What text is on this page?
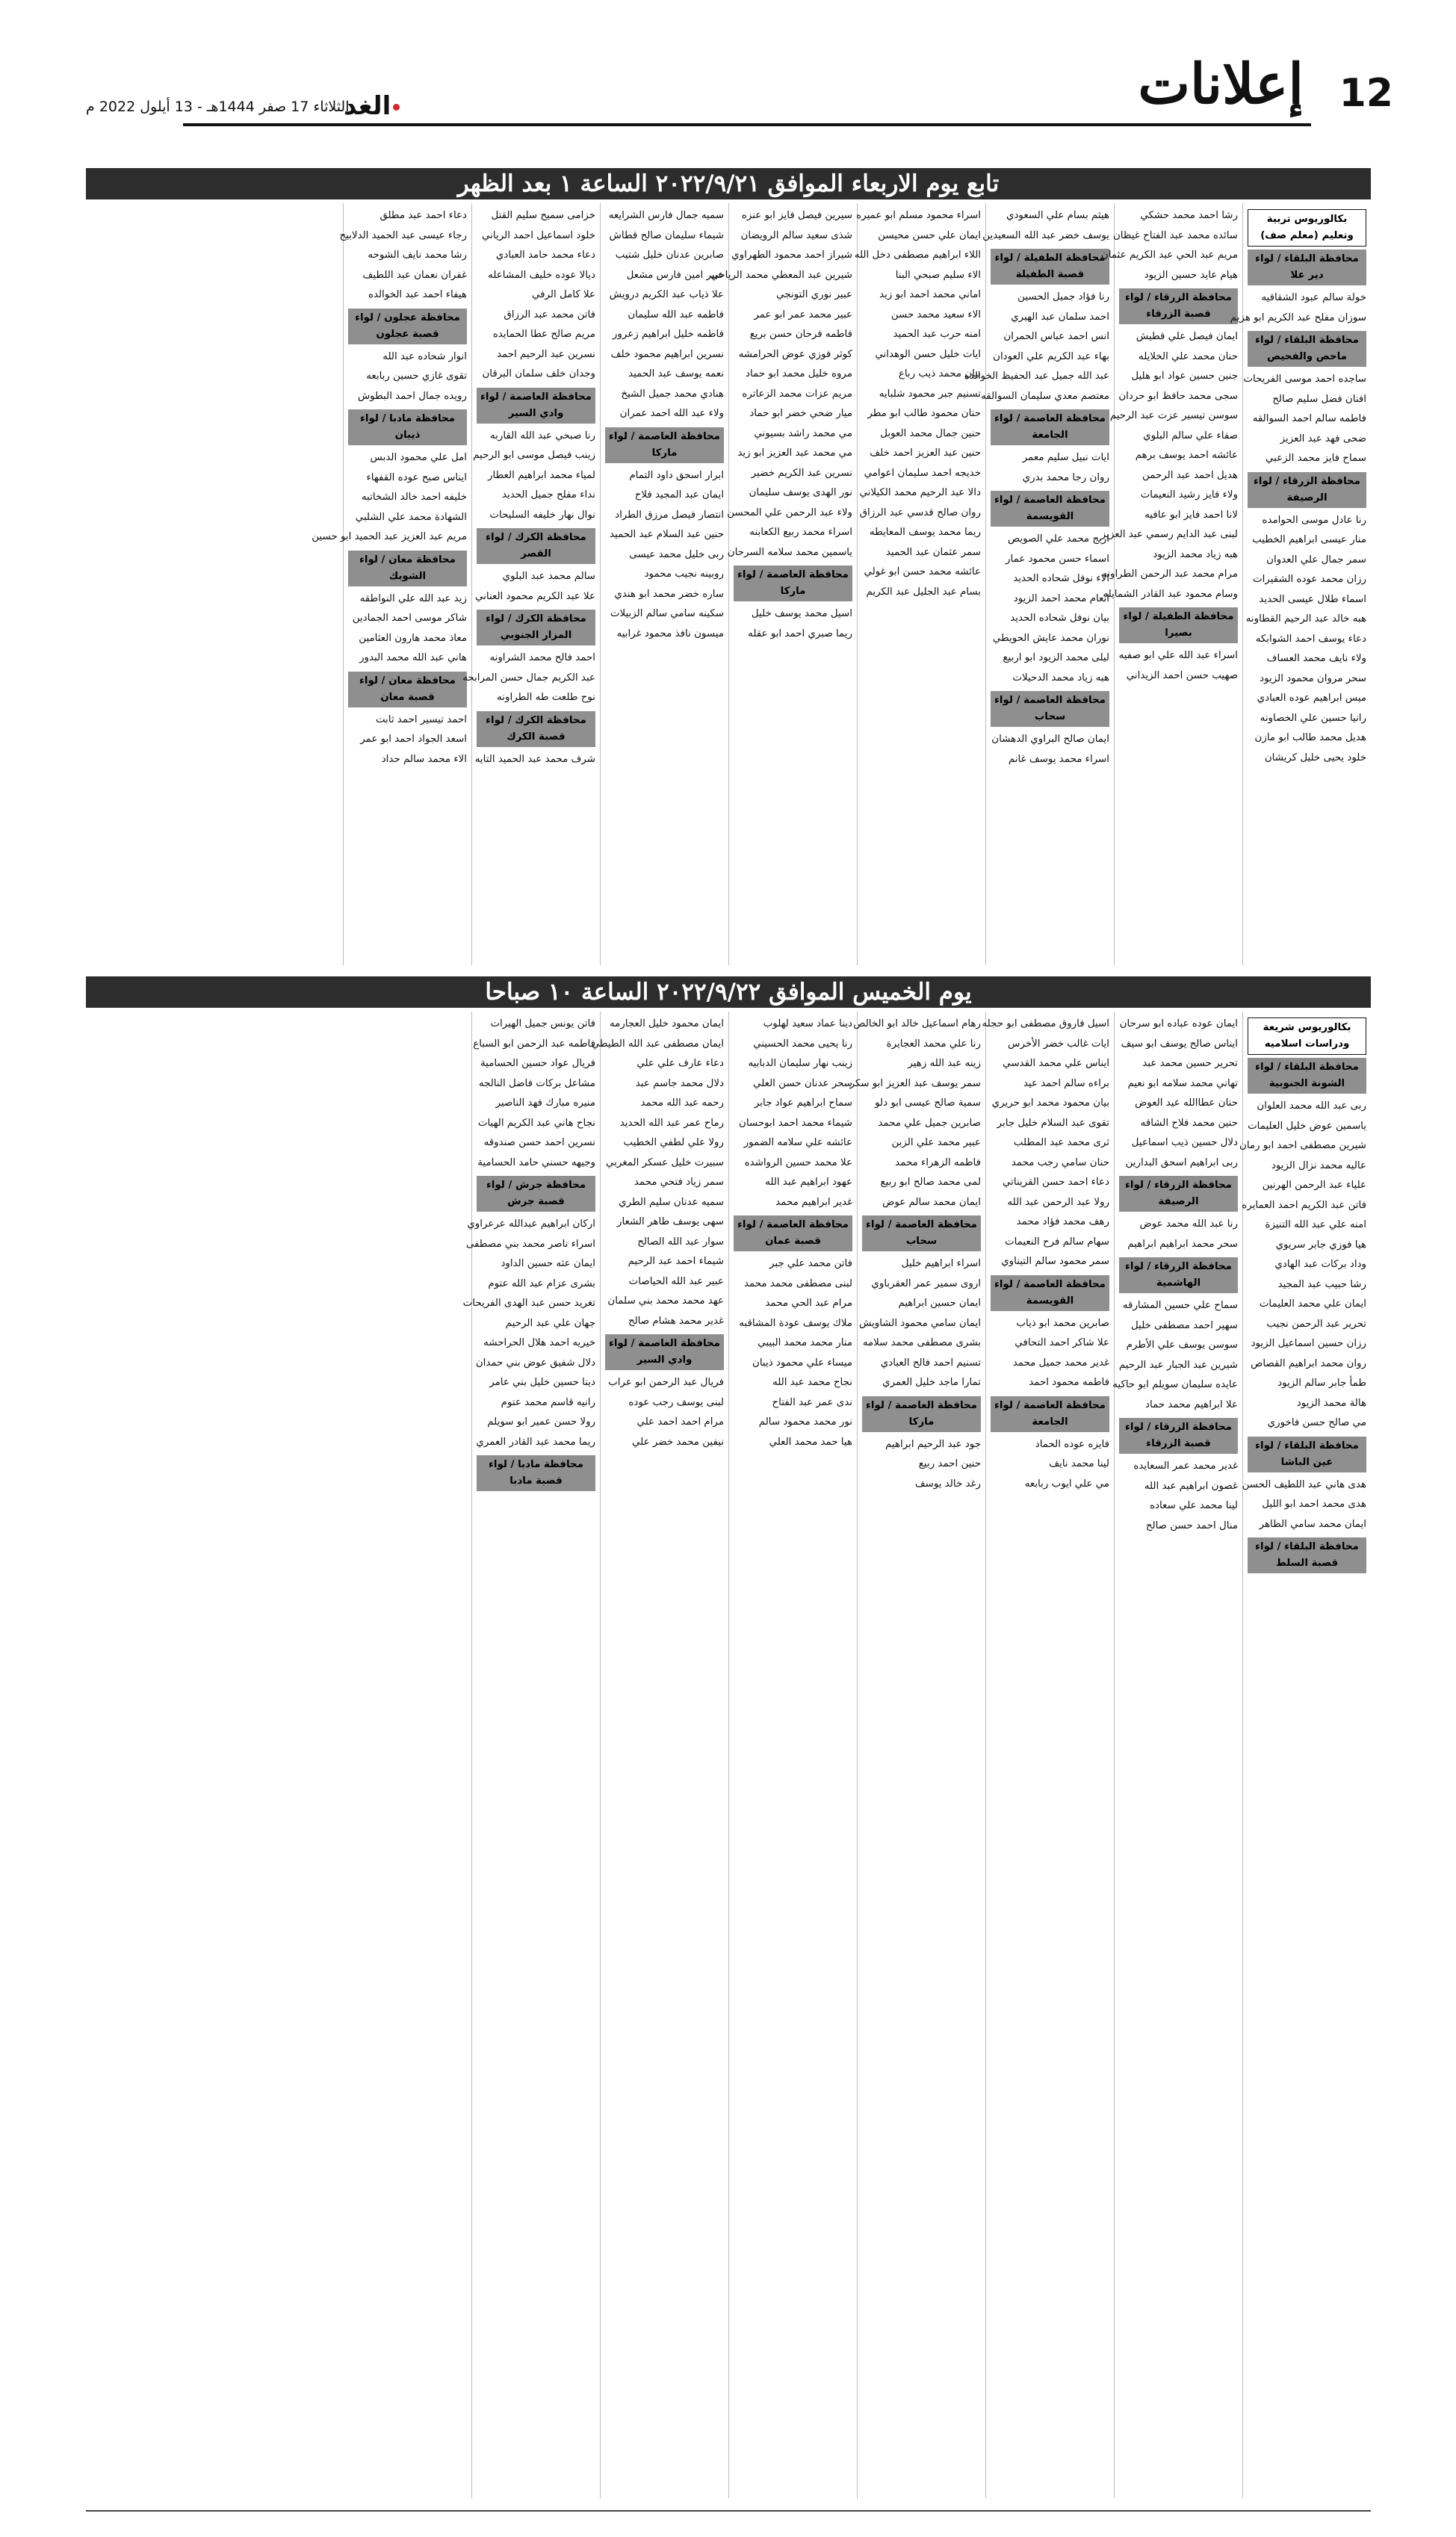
12
إعلانات
الغد
الثلاثاء 17 صفر 1444هـ - 13 أيلول 2022 م
تابع يوم الاربعاء الموافق ٢٠٢٢/٩/٢١ الساعة ١ بعد الظهر
بكالوريوس تربية وتعليم (معلم صف)
محافظة البلقاء / لواء دير علا
خولة سالم عبود الشقاقيه
سوزان مفلح عبد الكريم ابو هزيم
محافظة البلقاء / لواء ماحص والفحيص
ساجده احمد موسى الفريحات
افنان فضل سليم صالح
فاطمه سالم احمد السوالقه
ضحى فهد عبد العزيز
سماح فايز محمد الزعبي
محافظة الزرقاء / لواء الرصيفة
رنا عادل موسى الحوامده
منار عيسى ابراهيم الخطيب
سمر جمال علي العدوان
رزان محمد عوده الشقيرات
اسماء طلال عيسى الحديد
هبه خالد عبد الرحيم القطاونه
دعاء يوسف احمد الشوابكه
ولاء نايف محمد العساف
سحر مروان محمود الزيود
ميس ابراهيم عوده العبادي
رانيا حسين علي الخصاونه
هديل محمد طالب ابو مازن
خلود يحيى خليل كريشان
رشا احمد محمد حشكي
سائده محمد عبد الفتاح غيظان
مريم عبد الحي عبد الكريم عثمان
هيام عايد حسين الزيود
محافظة الزرقاء / لواء قصبة الزرقاء
ايمان فيصل علي قطيش
حنان محمد علي الخلايله
جنين حسين عواد ابو هليل
سجى محمد حافظ ابو حردان
سوسن تيسير عزت عبد الرحيم
صفاء علي سالم البلوي
عائشه احمد يوسف برهم
هديل احمد عبد الرحمن
ولاء فايز رشيد النعيمات
لانا احمد فايز ابو عافيه
لبنى عبد الدايم رسمي عبد العزيز
هبه زياد محمد الزيود
مرام محمد عبد الرحمن الطراونه
وسام محمود عبد القادر الشمايله
محافظة الطفيلة / لواء بصيرا
اسراء عبد الله علي ابو صفيه
صهيب حسن احمد الزيداني
هيثم بسام علي السعودي
يوسف خضر عبد الله السعيدين
محافظة الطفيلة / لواء قصبة الطفيلة
رنا فؤاد جميل الحسين
احمد سلمان عبد الهيري
انس احمد عباس الحمران
بهاء عبد الكريم علي العودان
عبد الله جميل عبد الحفيظ الخوالده
معتصم معدي سليمان السوالقه
محافظة العاصمة / لواء الجامعة
ايات نبيل سليم معمر
روان رجا محمد بدري
محافظة العاصمة / لواء القويسمة
اريج محمد علي الصويص
اسماء حسن محمود عمار
الاء نوفل شحاده الحديد
انعام محمد احمد الزيود
بيان نوفل شحاده الحديد
نوران محمد عايش الحويطي
ليلى محمد الزيود ابو اربيع
هبه زياد محمد الدحيلات
محافظة العاصمة / لواء سحاب
ايمان صالح البراوي الدهشان
اسراء محمد يوسف غانم
اسراء محمود مسلم ابو عميره
ايمان علي حسن محيسن
اللاء ابراهيم مصطفى دخل الله
الاء سليم صبحي البنا
اماني محمد احمد ابو زيد
الاء سعيد محمد حسن
امنه حرب عبد الحميد
ايات خليل حسن الوهداني
بيان محمد ذيب رباع
تسنيم جبر محمود شلبايه
حنان محمود طالب ابو مطر
حنين جمال محمد العوبل
حنين عبد العزيز احمد خلف
خديجه احمد سليمان اعوامي
دالا عبد الرحيم محمد الكيلاني
روان صالح قدسي عبد الرزاق
ريما محمد يوسف المعايطه
سمر عثمان عبد الحميد
عائشه محمد حسن ابو غولي
بسام عبد الجليل عبد الكريم
سيرين فيصل فايز ابو عنزه
شذى سعيد سالم الرويضان
شيراز احمد محمود الطهراوي
شيرين عبد المعطي محمد الرياحي
عبير نوري التونجي
عبير محمد عمر ابو عمر
فاطمه فرحان حسن بريع
كوثر فوزي عوض الحرامشه
مروه خليل محمد ابو حماد
مريم عزات محمد الزعاتره
ميار ضحي خضر ابو حماد
مي محمد راشد بسيوني
مي محمد عبد العزيز ابو زيد
نسرين عبد الكريم خضير
نور الهدى يوسف سليمان
ولاء عبد الرحمن علي المحسن
اسراء محمد ربيع الكعابنه
ياسمين محمد سلامه السرحان
محافظة العاصمة / لواء ماركا
اسيل محمد يوسف خليل
ريما صبري احمد ابو عقله
سميه جمال فارس الشرايعه
شيماء سليمان صالح قطاش
صابرين عدنان خليل شتيب
عبير امين فارس مشعل
علا ذياب عبد الكريم درويش
فاطمه عبد الله سليمان
فاطمه خليل ابراهيم زعرور
نسرين ابراهيم محمود خلف
نعمه يوسف عبد الحميد
هنادي محمد جميل الشيخ
ولاء عبد الله احمد عمران
محافظة العاصمة / لواء ماركا
ابرار اسحق داود التمام
ايمان عبد المجيد فلاح
انتصار فيصل مرزق الطراد
حنين عبد السلام عبد الحميد
ربى خليل محمد عيسى
روبينه نجيب محمود
ساره خضر محمد ابو هندي
سكينه سامي سالم الزبيلات
ميسون نافذ محمود غرابيه
خزامى سميح سليم القتل
خلود اسماعيل احمد الرياني
دعاء محمد حامد العبادي
ديالا عوده خليف المشاعله
علا كامل الرفي
فاتن محمد عبد الرزاق
مريم صالح عطا الحمايده
نسرين عبد الرحيم احمد
وجدان خلف سلمان البرقان
محافظة العاصمة / لواء وادي السير
رنا صبحي عبد الله القاربه
زينب فيصل موسى ابو الرحيم
لمياء محمد ابراهيم العطار
نداء مفلح جميل الحديد
نوال نهار خليفه السليحات
محافظة الكرك / لواء القصر
سالم محمد عبد البلوي
علا عبد الكريم محمود العناني
محافظة الكرك / لواء المزار الجنوبي
احمد فالح محمد الشراونه
عبد الكريم جمال حسن المرابحه
نوح طلعت طه الطراونه
محافظة الكرك / لواء قصبة الكرك
شرف محمد عبد الحميد التايه
دعاء احمد عبد مطلق
رجاء عيسى عبد الحميد الدلابيح
رشا محمد نايف الشوحه
غفران نعمان عبد اللطيف
هيفاء احمد عبد الخوالده
محافظة عجلون / لواء قصبة عجلون
انوار شحاده عبد الله
تقوى غازي حسين ربابعه
رويده جمال احمد البطوش
محافظة مادبا / لواء ذيبان
امل علي محمود الدبس
ايناس صبح عوده القفهاء
خليفه احمد خالد الشخاتبه
الشهادة محمد علي الشلبي
مريم عبد العزيز عبد الحميد ابو حسين
محافظة معان / لواء الشوبك
زيد عبد الله علي النواطقه
شاكر موسى احمد الجمادين
معاذ محمد هارون العثامين
هاني عبد الله محمد البدور
محافظة معان / لواء قصبة معان
احمد تيسير احمد ثابت
اسعد الجواد احمد ابو عمر
الاء محمد سالم حداد
يوم الخميس الموافق ٢٠٢٢/٩/٢٢ الساعة ١٠ صباحا
بكالوريوس شريعة ودراسات اسلاميه
محافظة البلقاء / لواء الشونة الجنوبية
ربى عبد الله محمد العلوان
ياسمين عوض خليل العليمات
شيرين مصطفى احمد ابو رمان
عاليه محمد نزال الزيود
علياء عبد الرحمن الهرنين
فاتن عبد الكريم احمد العمايره
امنه علي عبد الله التنيزة
هيا فوزي جابر سريوي
وداد بركات عبد الهادي
رشا حبيب عبد المجيد
ايمان علي محمد العليمات
تحرير عبد الرحمن نجيب
رزان حسين اسماعيل الزيود
روان محمد ابراهيم القصاص
طمأ جابر سالم الزيود
هالة محمد الزيود
مي صالح حسن فاخوري
محافظة البلقاء / لواء عين الباشا
هدى هاني عبد اللطيف الحسن
هدى محمد احمد ابو الليل
ايمان محمد سامي الظاهر
محافظة البلقاء / لواء قصبة السلط
ايمان عوده عباده ابو سرحان
ايناس صالح يوسف ابو سيف
تحرير حسين محمد عبد
تهاني محمد سلامه ابو نعيم
حنان عطاالله عيد العوض
حنين محمد فلاح الشاقه
دلال حسين ذيب اسماعيل
ربى ابراهيم اسحق البدارين
محافظة الزرقاء / لواء الرصيفة
رنا عبد الله محمد عوض
سحر محمد ابراهيم ابراهيم
محافظة الزرقاء / لواء الهاشمية
سماح علي حسين المشارقه
سهير احمد مصطفى خليل
سوسن يوسف علي الأطرم
شيرين عبد الجبار عبد الرحيم
عايده سليمان سويلم ابو حاكيه
علا ابراهيم محمد حماد
محافظة الزرقاء / لواء قصبة الزرقاء
غدير محمد عمر السعايده
غصون ابراهيم عبد الله
لينا محمد علي سعاده
منال احمد حسن صالح
اسيل فاروق مصطفى ابو حجله
ايات غالب خضر الأخرس
ايناس علي محمد القدسي
براءه سالم احمد عيد
بيان محمود محمد ابو حريري
تقوى عبد السلام خليل جابر
ثرى محمد عبد المطلب
حنان سامي رجب محمد
دعاء احمد حسن القريناتي
رولا عبد الرحمن عبد الله
رهف محمد فؤاد محمد
سهام سالم فرح النعيمات
سمر محمود سالم التيناوي
محافظة العاصمة / لواء القويسمة
صابرين محمد ابو ذياب
علا شاكر احمد التحافي
غدير محمد جميل محمد
فاطمه محمود احمد
محافظة العاصمة / لواء الجامعة
فايزه عوده الحماد
لينا محمد نايف
مي علي ايوب ربابعه
رهام اسماعيل خالد ابو الخالص
رنا علي محمد العجايرة
زينه عبد الله زهير
سمر يوسف عبد العزيز ابو سكر
سمية صالح عيسى ابو دلو
صابرين جميل علي محمد
عبير محمد علي الزبن
فاطمه الزهراء محمد
لمى محمد صالح ابو ربيع
ايمان محمد سالم عوض
محافظة العاصمة / لواء سحاب
اسراء ابراهيم خليل
اروى سمير عمر العقرباوي
ايمان حسين ابراهيم
ايمان سامي محمود الشاويش
بشرى مصطفى محمد سلامه
تسنيم احمد فالح العبادي
تمارا ماجد خليل العمري
محافظة العاصمة / لواء ماركا
جود عبد الرحيم ابراهيم
حنين احمد ربيع
رغد خالد يوسف
دينا عماد سعيد لهلوب
رنا يحيى محمد الحسيني
زينب نهار سليمان الدبابيه
سحر عدنان حسن العلي
سماح ابراهيم عواد جابر
شيماء محمد احمد ابوحسان
عائشه علي سلامه الضمور
علا محمد حسين الرواشده
عهود ابراهيم عبد الله
غدير ابراهيم محمد
محافظة العاصمة / لواء قصبة عمان
فاتن محمد علي جبر
لبنى مصطفى محمد محمد
مرام عبد الحي محمد
ملاك يوسف عودة المشاقبه
منار محمد محمد البيبي
ميساء علي محمود ذيبان
نجاح محمد عبد الله
ندى عمر عبد الفتاح
نور محمد محمود سالم
هيا حمد محمد العلي
ايمان محمود خليل العجارمه
ايمان مصطفى عبد الله الطيطي
دعاء عارف علي علي
دلال محمد جاسم عبد
رحمه عبد الله محمد
رماح عمر عبد الله الحديد
رولا علي لطفي الخطيب
سبيرت خليل عسكر المغربي
سمر زياد فتحي محمد
سميه عدنان سليم الطري
سهى يوسف طاهر الشعار
سوار عبد الله الصالح
شيماء احمد عبد الرحيم
عبير عبد الله الحياصات
عهد محمد محمد بني سلمان
غدير محمد هشام صالح
محافظة العاصمة / لواء وادي السير
فريال عبد الرحمن ابو عراب
لبنى يوسف رجب عوده
مرام احمد احمد علي
نيفين محمد خضر علي
فاتن يونس جميل الهيرات
فاطمه عبد الرحمن ابو السباع
فريال عواد حسين الحسامية
مشاعل بركات فاضل النالجه
منيره مبارك فهد الناصير
نجاح هاني عبد الكريم الهيات
نسرين احمد حسن صندوقه
وجيهه حسني حامد الحسامية
محافظة جرش / لواء قصبة جرش
اركان ابراهيم عبدالله عرعراوي
اسراء ناصر محمد بني مصطفى
ايمان عثه حسين الداود
بشرى عزام عبد الله عتوم
تغريد حسن عبد الهدى الفريحات
جهان علي عبد الرحيم
خيريه احمد هلال الحراحشه
دلال شفيق عوض بني حمدان
دينا حسين خليل بني عامر
رانيه قاسم محمد عتوم
رولا حسن عمير ابو سويلم
ريما محمد عبد القادر العمري
محافظة مادبا / لواء قصبة مادبا
